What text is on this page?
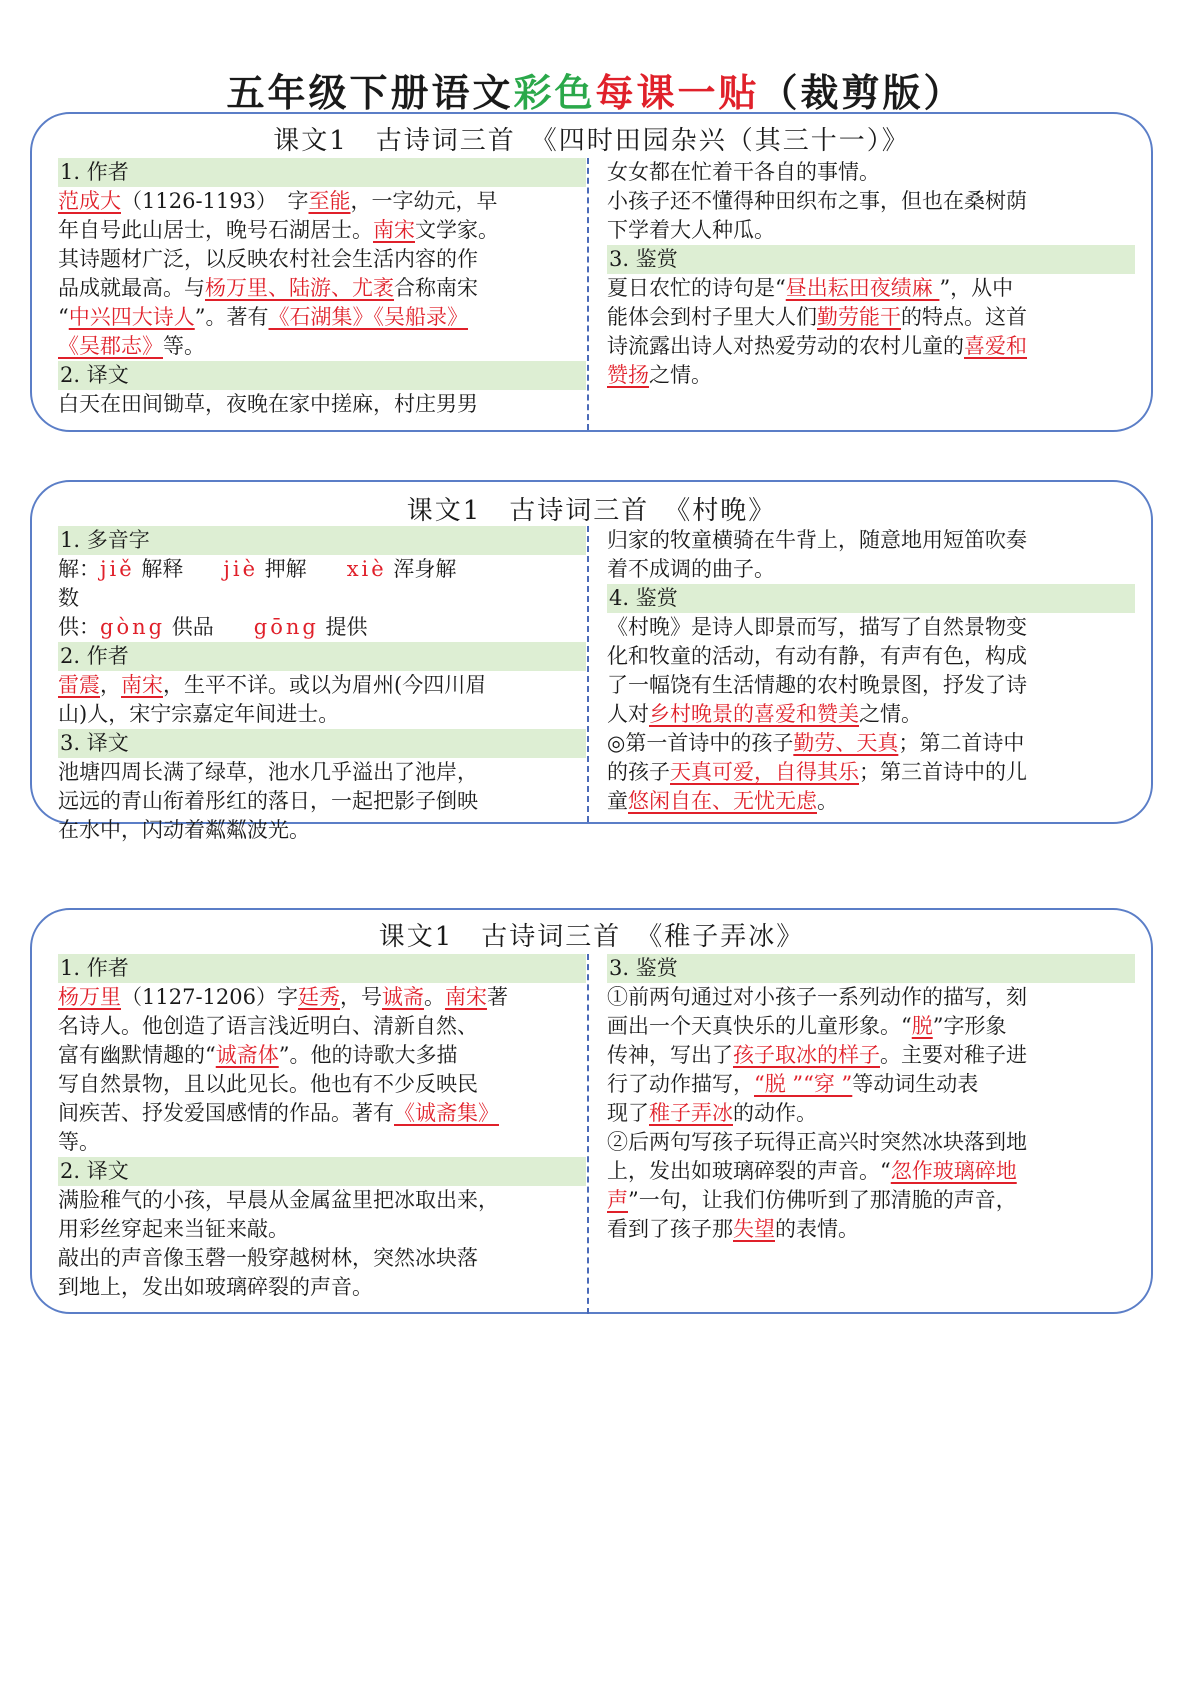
五年级下册语文彩色每课一贴（裁剪版）
课文1　古诗词三首　《四时田园杂兴（其三十一）》
1. 作者
范成大（1126-1193）　字至能，一字幼元，早
年自号此山居士，晚号石湖居士。南宋文学家。
其诗题材广泛，以反映农村社会生活内容的作
品成就最高。与杨万里、陆游、尤袤合称南宋
“中兴四大诗人”。著有《石湖集》《吴船录》
《吴郡志》等。
2. 译文
白天在田间锄草，夜晚在家中搓麻，村庄男男
女女都在忙着干各自的事情。
小孩子还不懂得种田织布之事，但也在桑树荫
下学着大人种瓜。
3. 鉴赏
夏日农忙的诗句是“昼出耘田夜绩麻 ”，从中
能体会到村子里大人们勤劳能干的特点。这首
诗流露出诗人对热爱劳动的农村儿童的喜爱和
赞扬之情。
课文1　古诗词三首　《村晚》
1. 多音字
解：jiě 解释 jiè 押解 xiè 浑身解
数
供：gòng 供品 gōng 提供
2. 作者
雷震，南宋，生平不详。或以为眉州(今四川眉
山)人，宋宁宗嘉定年间进士。
3. 译文
池塘四周长满了绿草，池水几乎溢出了池岸，
远远的青山衔着彤红的落日，一起把影子倒映
在水中，闪动着粼粼波光。
归家的牧童横骑在牛背上，随意地用短笛吹奏
着不成调的曲子。
4. 鉴赏
《村晚》是诗人即景而写，描写了自然景物变
化和牧童的活动，有动有静，有声有色，构成
了一幅饶有生活情趣的农村晚景图，抒发了诗
人对乡村晚景的喜爱和赞美之情。
◎第一首诗中的孩子勤劳、天真；第二首诗中
的孩子天真可爱，自得其乐；第三首诗中的儿
童悠闲自在、无忧无虑。
课文1　古诗词三首　《稚子弄冰》
1. 作者
杨万里（1127-1206）字廷秀，号诚斋。南宋著
名诗人。他创造了语言浅近明白、清新自然、
富有幽默情趣的“诚斋体”。他的诗歌大多描
写自然景物，且以此见长。他也有不少反映民
间疾苦、抒发爱国感情的作品。著有《诚斋集》
等。
2. 译文
满脸稚气的小孩，早晨从金属盆里把冰取出来，
用彩丝穿起来当钲来敲。
敲出的声音像玉磬一般穿越树林，突然冰块落
到地上，发出如玻璃碎裂的声音。
3. 鉴赏
①前两句通过对小孩子一系列动作的描写，刻
画出一个天真快乐的儿童形象。“脱”字形象
传神，写出了孩子取冰的样子。主要对稚子进
行了动作描写，“脱 ”“穿 ”等动词生动表
现了稚子弄冰的动作。
②后两句写孩子玩得正高兴时突然冰块落到地
上，发出如玻璃碎裂的声音。“忽作玻璃碎地
声”一句，让我们仿佛听到了那清脆的声音，
看到了孩子那失望的表情。
